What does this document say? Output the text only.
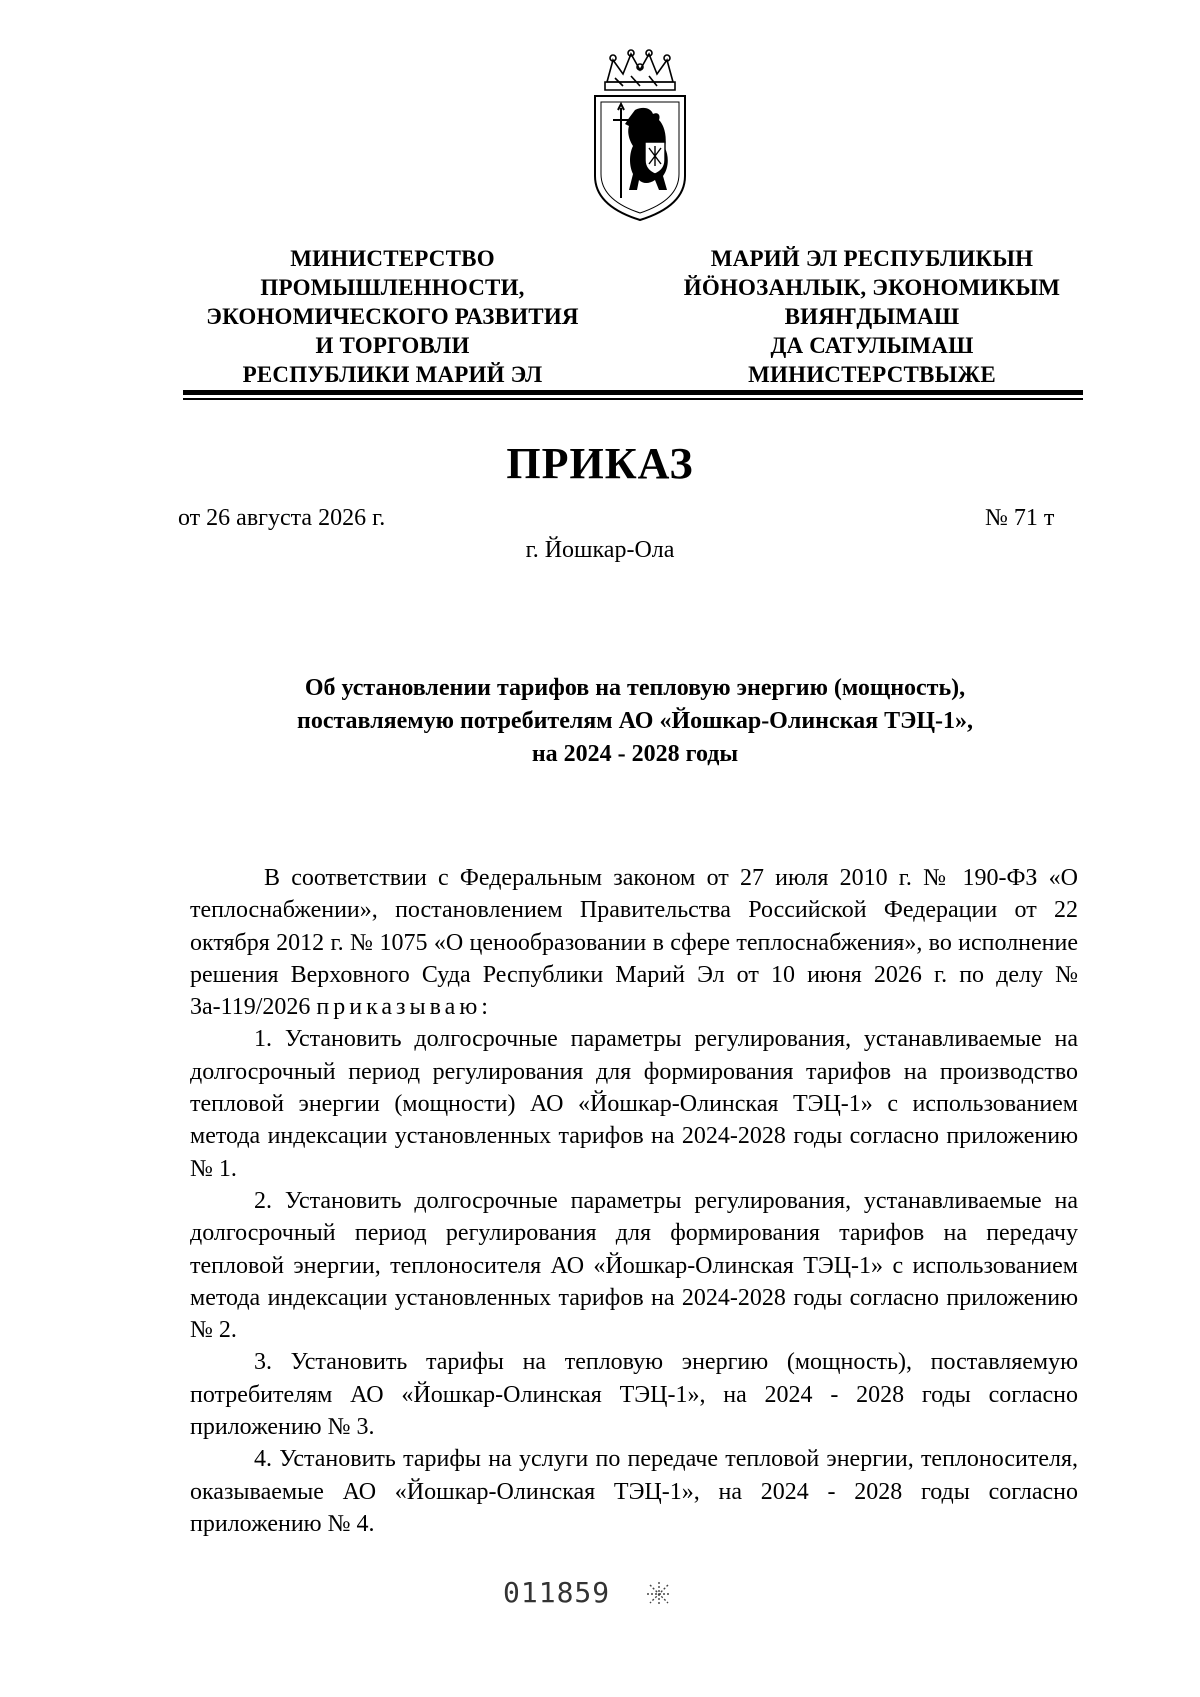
МИНИСТЕРСТВО
ПРОМЫШЛЕННОСТИ,
ЭКОНОМИЧЕСКОГО РАЗВИТИЯ
И ТОРГОВЛИ
РЕСПУБЛИКИ МАРИЙ ЭЛ
МАРИЙ ЭЛ РЕСПУБЛИКЫН
ЙӦНОЗАНЛЫК, ЭКОНОМИКЫМ
ВИЯҤДЫМАШ
ДА САТУЛЫМАШ
МИНИСТЕРСТВЫЖЕ
ПРИКАЗ
от 26 августа 2026 г.	№ 71 т
г. Йошкар-Ола
Об установлении тарифов на тепловую энергию (мощность),
поставляемую потребителям АО «Йошкар-Олинская ТЭЦ-1»,
на 2024 - 2028 годы

В соответствии с Федеральным законом от 27 июля 2010 г. № 190-ФЗ «О теплоснабжении», постановлением Правительства Российской Федерации от 22 октября 2012 г. № 1075 «О ценообразовании в сфере теплоснабжения», во исполнение решения Верховного Суда Республики Марий Эл от 10 июня 2026 г. по делу № 3а-119/2026 приказываю:

1. Установить долгосрочные параметры регулирования, устанавливаемые на долгосрочный период регулирования для формирования тарифов на производство тепловой энергии (мощности) АО «Йошкар-Олинская ТЭЦ-1» с использованием метода индексации установленных тарифов на 2024-2028 годы согласно приложению № 1.

2. Установить долгосрочные параметры регулирования, устанавливаемые на долгосрочный период регулирования для формирования тарифов на передачу тепловой энергии, теплоносителя АО «Йошкар-Олинская ТЭЦ-1» с использованием метода индексации установленных тарифов на 2024-2028 годы согласно приложению № 2.

3. Установить тарифы на тепловую энергию (мощность), поставляемую потребителям АО «Йошкар-Олинская ТЭЦ-1», на 2024 - 2028 годы согласно приложению № 3.

4. Установить тарифы на услуги по передаче тепловой энергии, теплоносителя, оказываемые АО «Йошкар-Олинская ТЭЦ-1», на 2024 - 2028 годы согласно приложению № 4.

011859
